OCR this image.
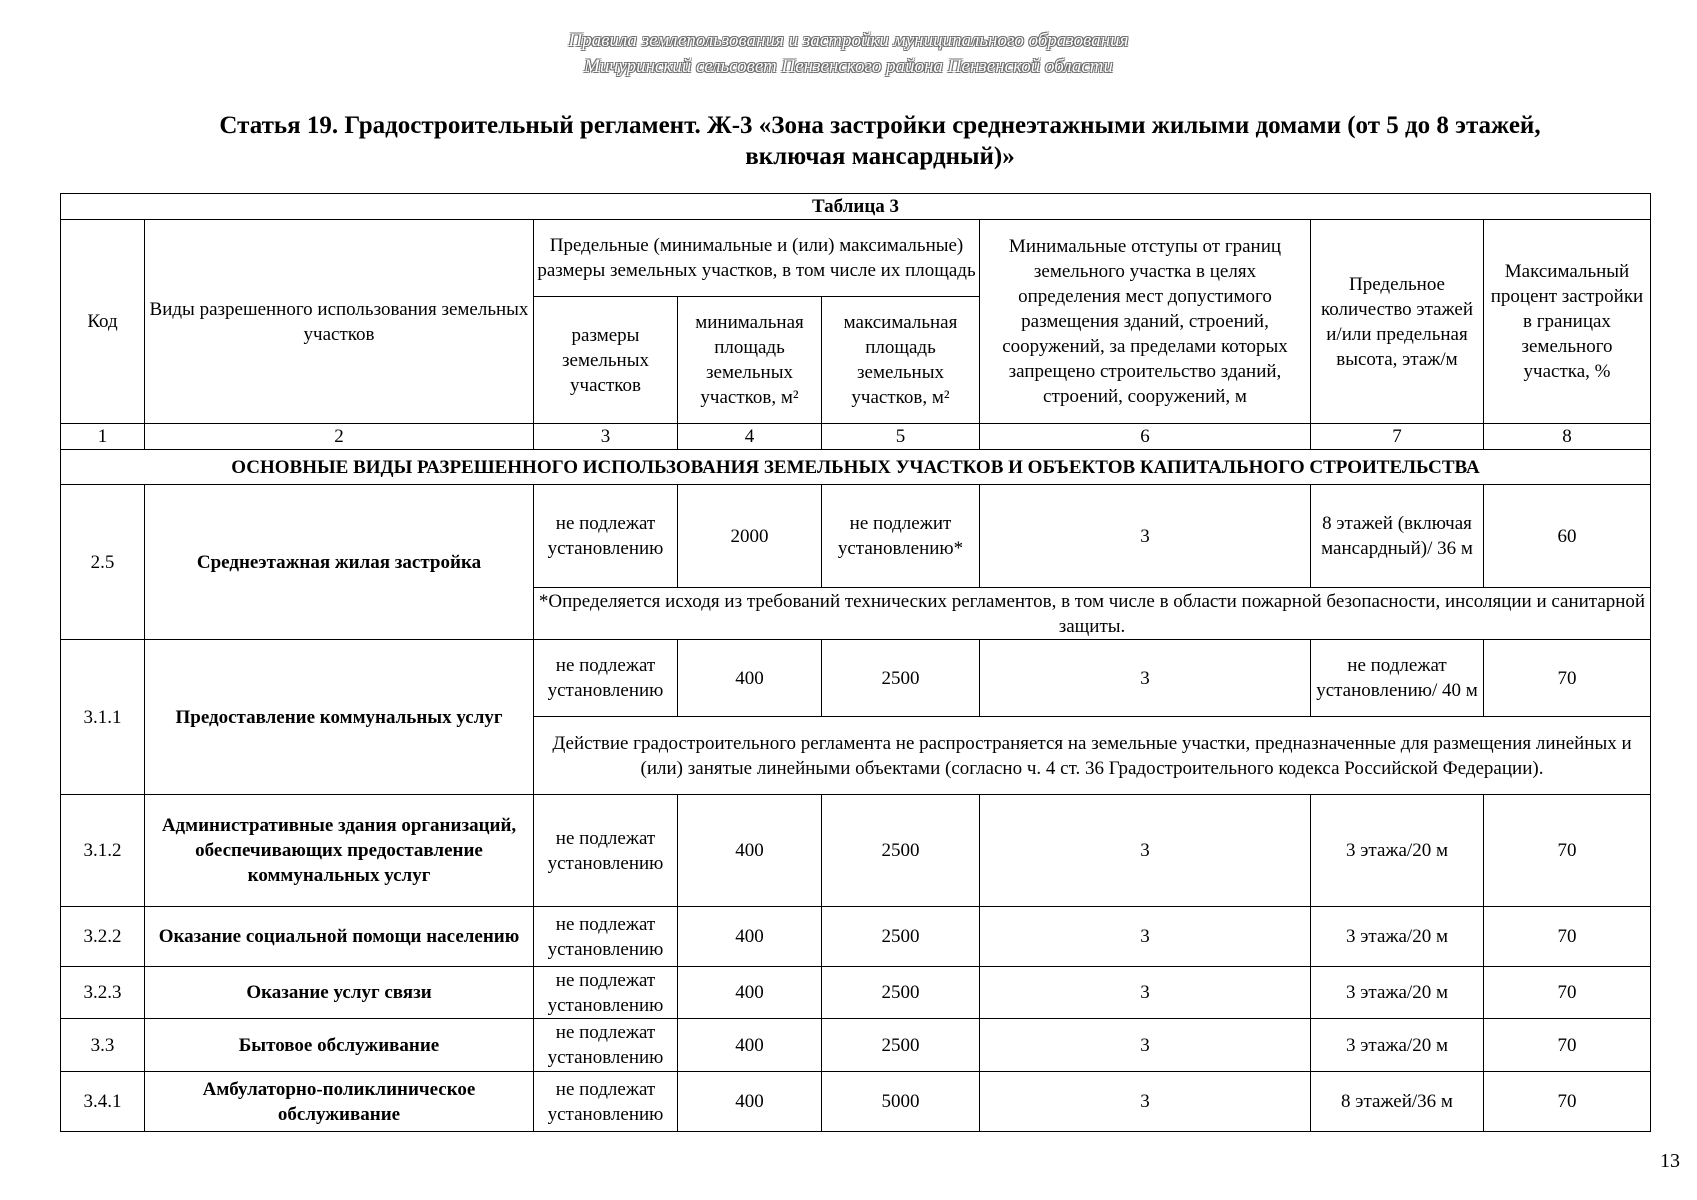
Правила землепользования и застройки муниципального образования
Мичуринский сельсовет Пензенского района Пензенской области
Статья 19. Градостроительный регламент. Ж-3 «Зона застройки среднеэтажными жилыми домами (от 5 до 8 этажей,
включая мансардный)»
Таблица 3							
Код	Виды разрешенного использования земельных участков	Предельные (минимальные и (или) максимальные) размеры земельных участков, в том числе их площадь			Минимальные отступы от границ земельного участка в целях определения мест допустимого размещения зданий, строений, сооружений, за пределами которых запрещено строительство зданий, строений, сооружений, м	Предельное количество этажей и/или предельная высота, этаж/м	Максимальный процент застройки в границах земельного участка, %
		размеры земельных участков	минимальная площадь земельных участков, м²	максимальная площадь земельных участков, м²			
1	2	3	4	5	6	7	8
ОСНОВНЫЕ ВИДЫ РАЗРЕШЕННОГО ИСПОЛЬЗОВАНИЯ ЗЕМЕЛЬНЫХ УЧАСТКОВ И ОБЪЕКТОВ КАПИТАЛЬНОГО СТРОИТЕЛЬСТВА							
2.5	Среднеэтажная жилая застройка	не подлежат установлению	2000	не подлежит установлению*	3	8 этажей (включая мансардный)/ 36 м	60
		*Определяется исходя из требований технических регламентов, в том числе в области пожарной безопасности, инсоляции и санитарной защиты.					
3.1.1	Предоставление коммунальных услуг	не подлежат установлению	400	2500	3	не подлежат установлению/ 40 м	70
		Действие градостроительного регламента не распространяется на земельные участки, предназначенные для размещения линейных и (или) занятые линейными объектами (согласно ч. 4 ст. 36 Градостроительного кодекса Российской Федерации).					
3.1.2	Административные здания организаций, обеспечивающих предоставление коммунальных услуг	не подлежат установлению	400	2500	3	3 этажа/20 м	70
3.2.2	Оказание социальной помощи населению	не подлежат установлению	400	2500	3	3 этажа/20 м	70
3.2.3	Оказание услуг связи	не подлежат установлению	400	2500	3	3 этажа/20 м	70
3.3	Бытовое обслуживание	не подлежат установлению	400	2500	3	3 этажа/20 м	70
3.4.1	Амбулаторно-поликлиническое обслуживание	не подлежат установлению	400	5000	3	8 этажей/36 м	70
13
